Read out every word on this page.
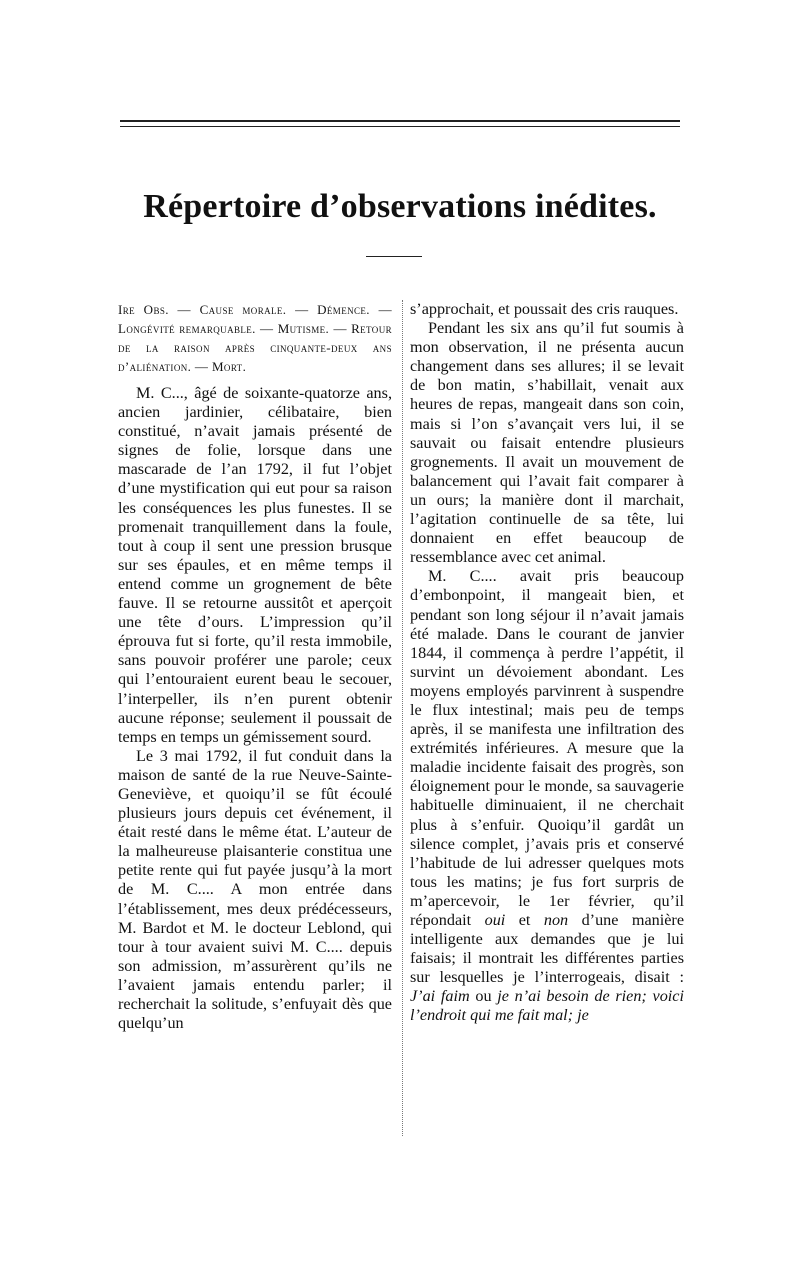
Répertoire d’observations inédites.

Ire Obs. — Cause morale. — Démence. — Longévité remarquable. — Mutisme. — Retour de la raison après cinquante-deux ans d’aliénation. — Mort.

M. C..., âgé de soixante-quatorze ans, ancien jardinier, célibataire, bien constitué, n’avait jamais présenté de signes de folie, lorsque dans une mascarade de l’an 1792, il fut l’objet d’une mystification qui eut pour sa raison les conséquences les plus funestes. Il se promenait tranquillement dans la foule, tout à coup il sent une pression brusque sur ses épaules, et en même temps il entend comme un grognement de bête fauve. Il se retourne aussitôt et aperçoit une tête d’ours. L’impression qu’il éprouva fut si forte, qu’il resta immobile, sans pouvoir proférer une parole; ceux qui l’entouraient eurent beau le secouer, l’interpeller, ils n’en purent obtenir aucune réponse; seulement il poussait de temps en temps un gémissement sourd.

Le 3 mai 1792, il fut conduit dans la maison de santé de la rue Neuve-Sainte-Geneviève, et quoiqu’il se fût écoulé plusieurs jours depuis cet événement, il était resté dans le même état. L’auteur de la malheureuse plaisanterie constitua une petite rente qui fut payée jusqu’à la mort de M. C.... A mon entrée dans l’établissement, mes deux prédécesseurs, M. Bardot et M. le docteur Leblond, qui tour à tour avaient suivi M. C.... depuis son admission, m’assurèrent qu’ils ne l’avaient jamais entendu parler; il recherchait la solitude, s’enfuyait dès que quelqu’un

s’approchait, et poussait des cris rauques.

Pendant les six ans qu’il fut soumis à mon observation, il ne présenta aucun changement dans ses allures; il se levait de bon matin, s’habillait, venait aux heures de repas, mangeait dans son coin, mais si l’on s’avançait vers lui, il se sauvait ou faisait entendre plusieurs grognements. Il avait un mouvement de balancement qui l’avait fait comparer à un ours; la manière dont il marchait, l’agitation continuelle de sa tête, lui donnaient en effet beaucoup de ressemblance avec cet animal.

M. C.... avait pris beaucoup d’embonpoint, il mangeait bien, et pendant son long séjour il n’avait jamais été malade. Dans le courant de janvier 1844, il commença à perdre l’appétit, il survint un dévoiement abondant. Les moyens employés parvinrent à suspendre le flux intestinal; mais peu de temps après, il se manifesta une infiltration des extrémités inférieures. A mesure que la maladie incidente faisait des progrès, son éloignement pour le monde, sa sauvagerie habituelle diminuaient, il ne cherchait plus à s’enfuir. Quoiqu’il gardât un silence complet, j’avais pris et conservé l’habitude de lui adresser quelques mots tous les matins; je fus fort surpris de m’apercevoir, le 1er février, qu’il répondait oui et non d’une manière intelligente aux demandes que je lui faisais; il montrait les différentes parties sur lesquelles je l’interrogeais, disait : J’ai faim ou je n’ai besoin de rien; voici l’endroit qui me fait mal; je
